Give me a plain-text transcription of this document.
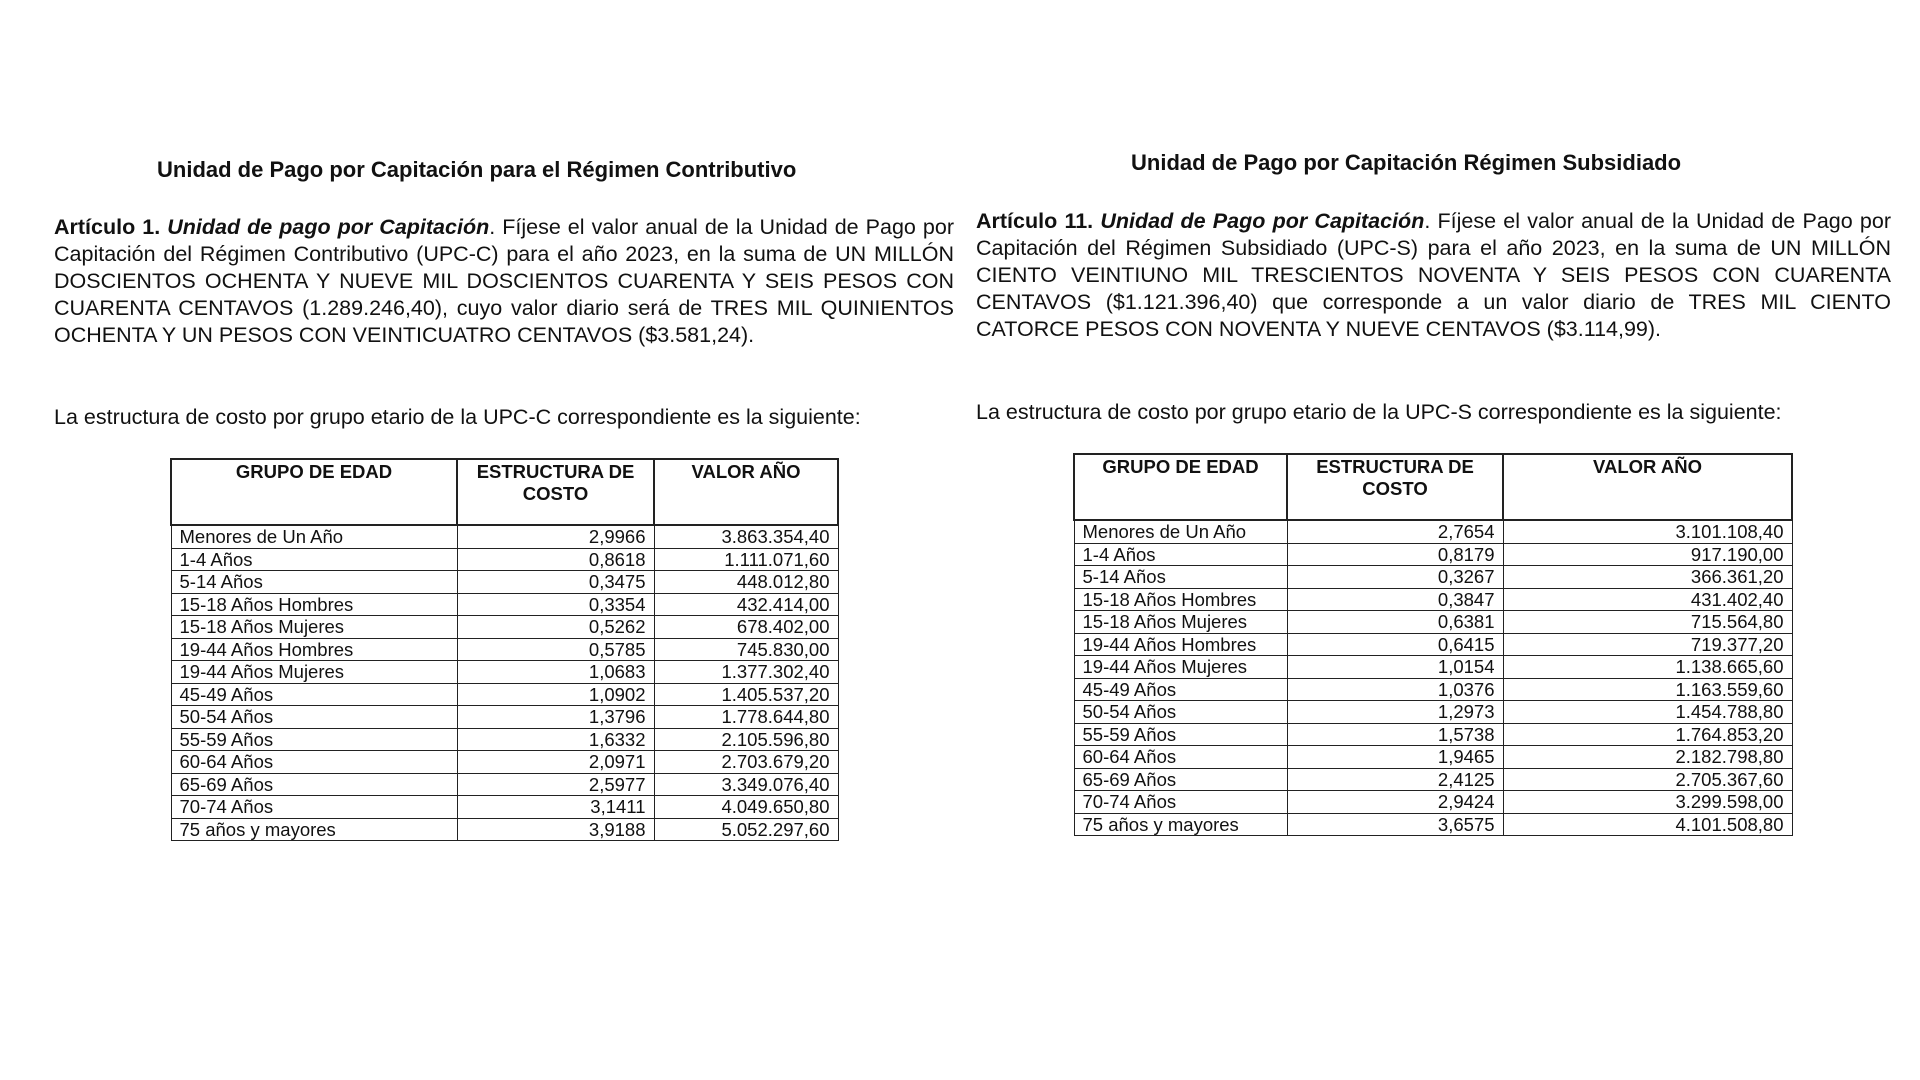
Unidad de Pago por Capitación para el Régimen Contributivo
Artículo 1. Unidad de pago por Capitación. Fíjese el valor anual de la Unidad de Pago por Capitación del Régimen Contributivo (UPC-C) para el año 2023, en la suma de UN MILLÓN DOSCIENTOS OCHENTA Y NUEVE MIL DOSCIENTOS CUARENTA Y SEIS PESOS CON CUARENTA CENTAVOS (1.289.246,40), cuyo valor diario será de TRES MIL QUINIENTOS OCHENTA Y UN PESOS CON VEINTICUATRO CENTAVOS ($3.581,24).
La estructura de costo por grupo etario de la UPC-C correspondiente es la siguiente:
GRUPO DE EDAD	ESTRUCTURA DE COSTO	VALOR AÑO
Menores de Un Año	2,9966	3.863.354,40
1-4 Años	0,8618	1.111.071,60
5-14 Años	0,3475	448.012,80
15-18 Años Hombres	0,3354	432.414,00
15-18 Años Mujeres	0,5262	678.402,00
19-44 Años Hombres	0,5785	745.830,00
19-44 Años Mujeres	1,0683	1.377.302,40
45-49 Años	1,0902	1.405.537,20
50-54 Años	1,3796	1.778.644,80
55-59 Años	1,6332	2.105.596,80
60-64 Años	2,0971	2.703.679,20
65-69 Años	2,5977	3.349.076,40
70-74 Años	3,1411	4.049.650,80
75 años y mayores	3,9188	5.052.297,60
Unidad de Pago por Capitación Régimen Subsidiado
Artículo 11. Unidad de Pago por Capitación. Fíjese el valor anual de la Unidad de Pago por Capitación del Régimen Subsidiado (UPC-S) para el año 2023, en la suma de UN MILLÓN CIENTO VEINTIUNO MIL TRESCIENTOS NOVENTA Y SEIS PESOS CON CUARENTA CENTAVOS ($1.121.396,40) que corresponde a un valor diario de TRES MIL CIENTO CATORCE PESOS CON NOVENTA Y NUEVE CENTAVOS ($3.114,99).
La estructura de costo por grupo etario de la UPC-S correspondiente es la siguiente:
GRUPO DE EDAD	ESTRUCTURA DE COSTO	VALOR AÑO
Menores de Un Año	2,7654	3.101.108,40
1-4 Años	0,8179	917.190,00
5-14 Años	0,3267	366.361,20
15-18 Años Hombres	0,3847	431.402,40
15-18 Años Mujeres	0,6381	715.564,80
19-44 Años Hombres	0,6415	719.377,20
19-44 Años Mujeres	1,0154	1.138.665,60
45-49 Años	1,0376	1.163.559,60
50-54 Años	1,2973	1.454.788,80
55-59 Años	1,5738	1.764.853,20
60-64 Años	1,9465	2.182.798,80
65-69 Años	2,4125	2.705.367,60
70-74 Años	2,9424	3.299.598,00
75 años y mayores	3,6575	4.101.508,80
